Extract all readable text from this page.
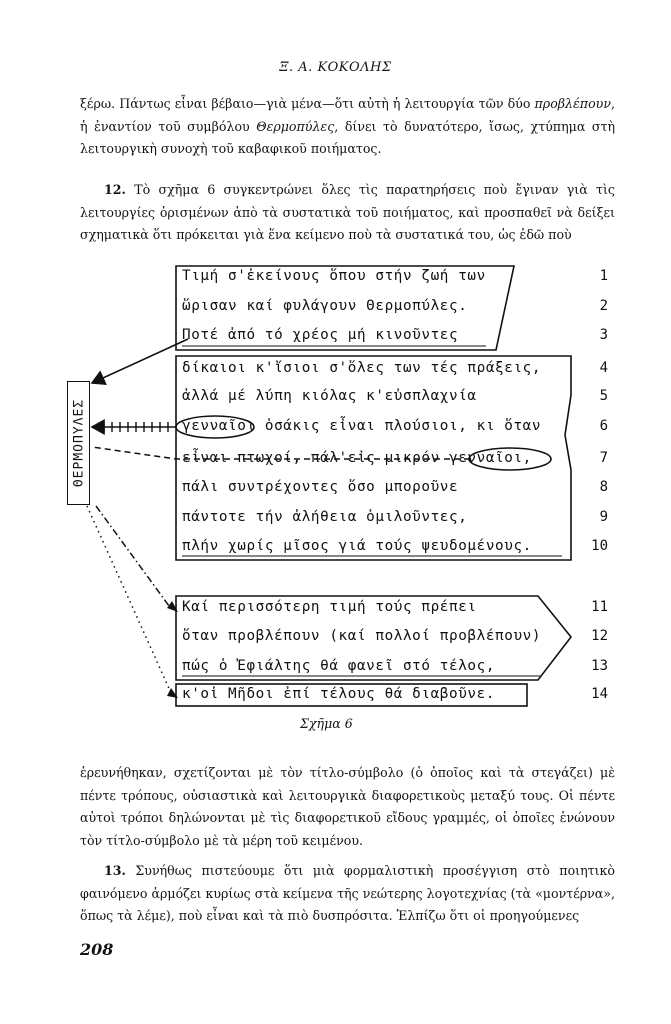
Ξ. Α. ΚΟΚΟΛΗΣ
ξέρω. Πάντως εἶναι βέβαιο—γιὰ μένα—ὅτι αὐτὴ ἡ λειτουργία τῶν δύο προβλέπουν, ἡ ἐναντίον τοῦ συμβόλου Θερμοπύλες, δίνει τὸ δυνατότερο, ἴσως, χτύπημα στὴ λειτουργικὴ συνοχὴ τοῦ καβαφικοῦ ποιήματος.
12. Τὸ σχῆμα 6 συγκεντρώνει ὅλες τὶς παρατηρήσεις ποὺ ἔγιναν γιὰ τὶς λειτουργίες ὁρισμένων ἀπὸ τὰ συστατικὰ τοῦ ποιήματος, καὶ προσπαθεῖ νὰ δείξει σχηματικὰ ὅτι πρόκειται γιὰ ἕνα κείμενο ποὺ τὰ συστατικά του, ὡς ἐδῶ ποὺ
ΘΕΡΜΟΠΥΛΕΣ
Τιμή σ'ἐκείνους ὅπου στήν ζωή των
ὥρισαν καί φυλάγουν Θερμοπύλες.
Ποτέ ἀπό τό χρέος μή κινοῦντες
δίκαιοι κ'ἴσιοι σ'ὅλες των τές πράξεις,
ἀλλά μέ λύπη κιόλας κ'εὐσπλαχνία
γενναῖοι ὁσάκις εἶναι πλούσιοι, κι ὅταν
εἶναι πτωχοί, πάλ'εἰς μικρόν γενναῖοι,
πάλι συντρέχοντες ὅσο μποροῦνε
πάντοτε τήν ἀλήθεια ὁμιλοῦντες,
πλήν χωρίς μῖσος γιά τούς ψευδομένους.
Καί περισσότερη τιμή τούς πρέπει
ὅταν προβλέπουν (καί πολλοί προβλέπουν)
πώς ὁ Ἐφιάλτης θά φανεῖ στό τέλος,
κ'οἱ Μῆδοι ἐπί τέλους θά διαβοῦνε.
1
2
3
4
5
6
7
8
9
10
11
12
13
14
Σχῆμα 6
ἐρευνήθηκαν, σχετίζονται μὲ τὸν τίτλο-σύμβολο (ὁ ὁποῖος καὶ τὰ στεγάζει) μὲ πέντε τρόπους, οὐσιαστικὰ καὶ λειτουργικὰ διαφορετικοὺς μεταξύ τους. Οἱ πέντε αὐτοὶ τρόποι δηλώνονται μὲ τὶς διαφορετικοῦ εἴδους γραμμές, οἱ ὁποῖες ἑνώνουν τὸν τίτλο-σύμβολο μὲ τὰ μέρη τοῦ κειμένου.
13. Συνήθως πιστεύουμε ὅτι μιὰ φορμαλιστικὴ προσέγγιση στὸ ποιητικὸ φαινόμενο ἁρμόζει κυρίως στὰ κείμενα τῆς νεώτερης λογοτεχνίας (τὰ «μοντέρνα», ὅπως τὰ λέμε), ποὺ εἶναι καὶ τὰ πιὸ δυσπρόσιτα. Ἐλπίζω ὅτι οἱ προηγούμενες
208
